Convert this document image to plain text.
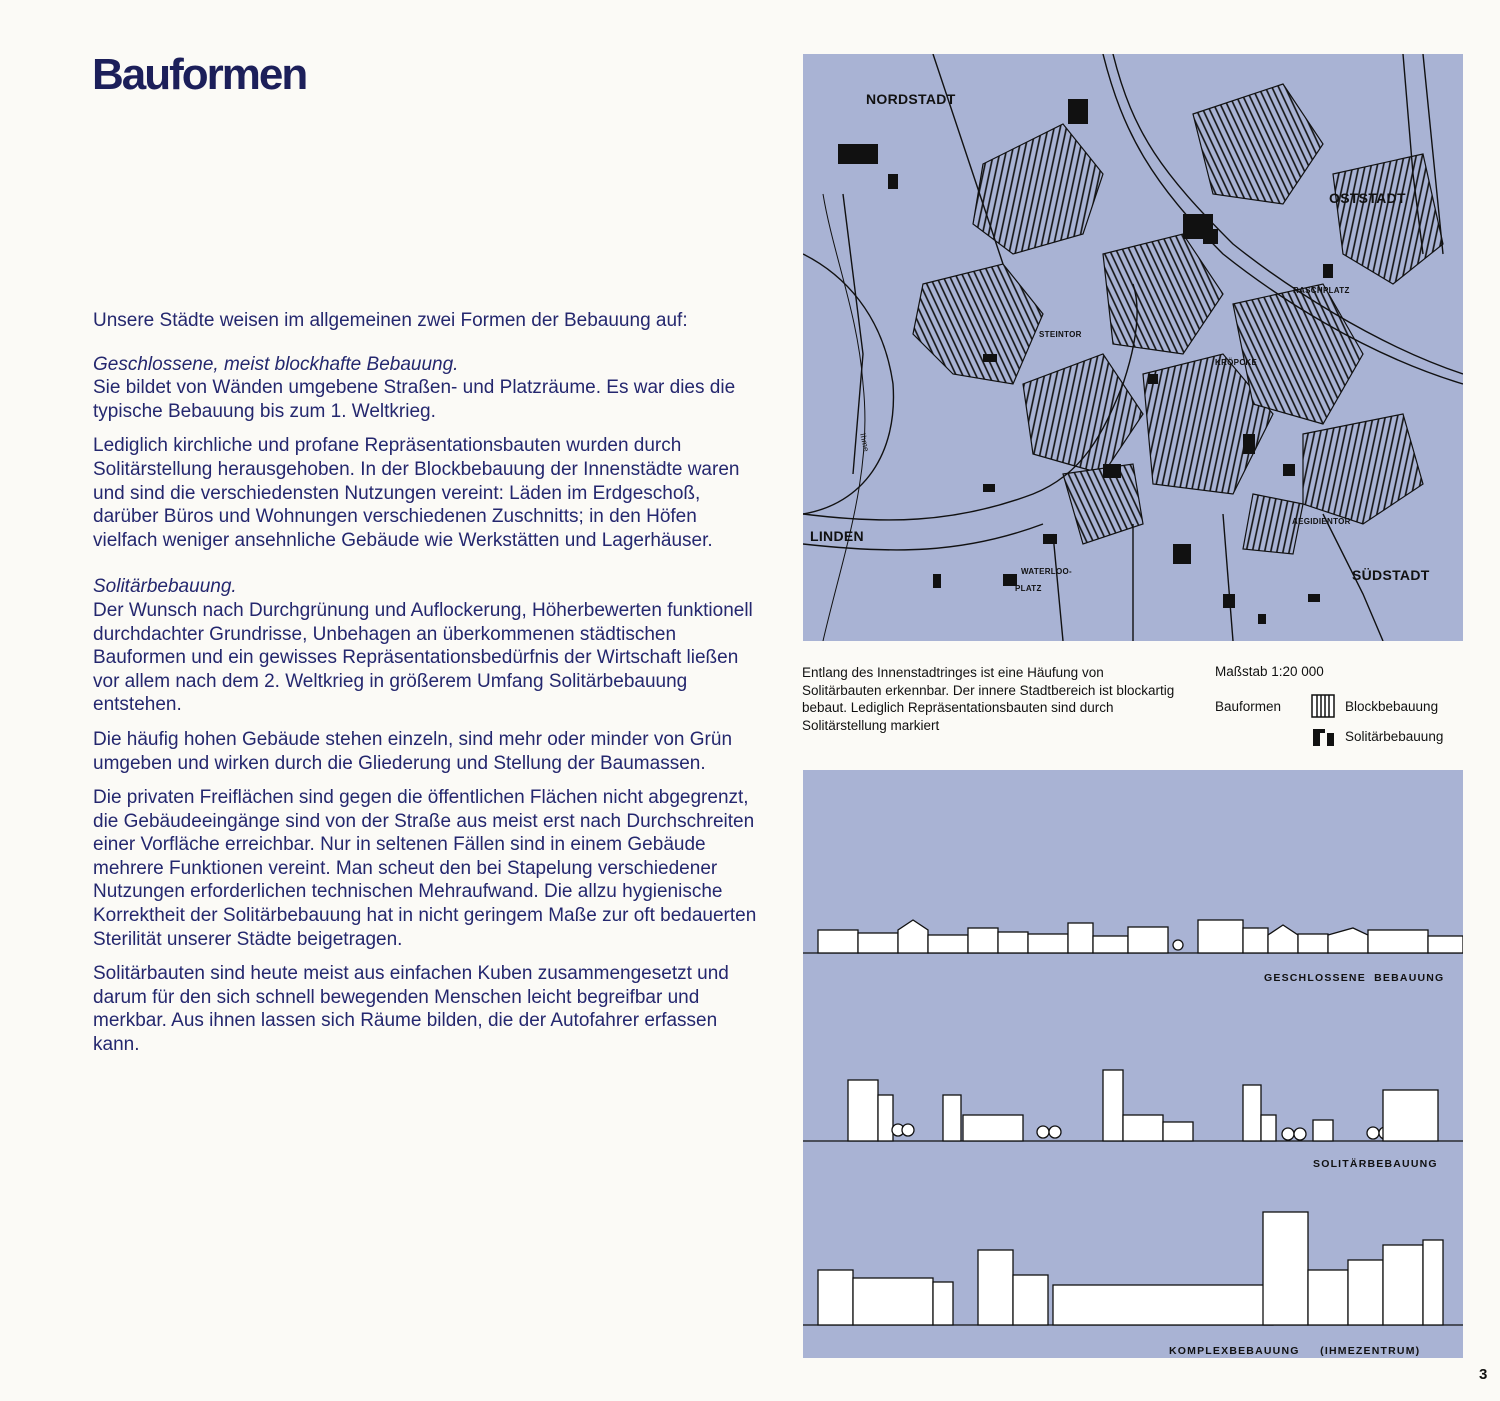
Bauformen

Unsere Städte weisen im allgemeinen zwei Formen der Bebauung auf:

Geschlossene, meist blockhafte Bebauung.

Sie bildet von Wänden umgebene Straßen- und Platzräume. Es war dies die typische Bebauung bis zum 1. Weltkrieg.

Lediglich kirchliche und profane Repräsentationsbauten wurden durch Solitärstellung herausgehoben. In der Blockbebauung der Innenstädte waren und sind die verschiedensten Nutzungen vereint: Läden im Erdgeschoß, darüber Büros und Wohnungen verschiedenen Zuschnitts; in den Höfen vielfach weniger ansehnliche Gebäude wie Werkstätten und Lagerhäuser.

Solitärbebauung.

Der Wunsch nach Durchgrünung und Auflockerung, Höherbewerten funktionell durchdachter Grundrisse, Unbehagen an überkommenen städtischen Bauformen und ein gewisses Repräsentationsbedürfnis der Wirtschaft ließen vor allem nach dem 2. Weltkrieg in größerem Umfang Solitärbebauung entstehen.

Die häufig hohen Gebäude stehen einzeln, sind mehr oder minder von Grün umgeben und wirken durch die Gliederung und Stellung der Baumassen.

Die privaten Freiflächen sind gegen die öffentlichen Flächen nicht abgegrenzt, die Gebäudeeingänge sind von der Straße aus meist erst nach Durchschreiten einer Vorfläche erreichbar. Nur in seltenen Fällen sind in einem Gebäude mehrere Funktionen vereint. Man scheut den bei Stapelung verschiedener Nutzungen erforderlichen technischen Mehraufwand. Die allzu hygienische Korrektheit der Solitärbebauung hat in nicht geringem Maße zur oft bedauerten Sterilität unserer Städte beigetragen.

Solitärbauten sind heute meist aus einfachen Kuben zusammengesetzt und darum für den sich schnell bewegenden Menschen leicht begreifbar und merkbar. Aus ihnen lassen sich Räume bilden, die der Autofahrer erfassen kann.

NORDSTADT
OSTSTADT
LINDEN
SÜDSTADT
RASCHPLATZ
STEINTOR
KRÖPCKE
AEGIDIENTOR
WATERLOO-
PLATZ
Ihme
Entlang des Innenstadtringes ist eine Häufung von Solitärbauten erkennbar. Der innere Stadtbereich ist blockartig bebaut. Lediglich Repräsentationsbauten sind durch Solitärstellung markiert
Maßstab 1:20 000
Bauformen	Blockbebauung
Solitärbebauung
GESCHLOSSENE  BEBAUUNG
SOLITÄRBEBAUUNG
KOMPLEXBEBAUUNG     (IHMEZENTRUM)
3
